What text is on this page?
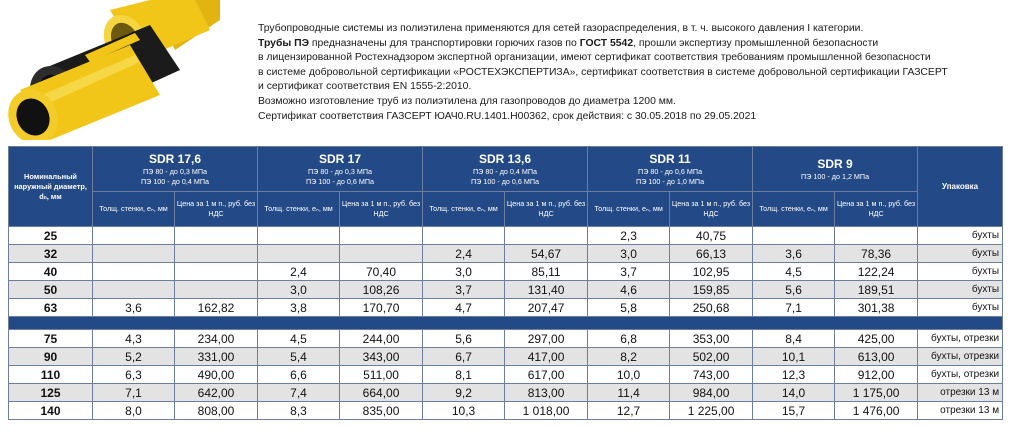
Трубопроводные системы из полиэтилена применяются для сетей газораспределения, в т. ч. высокого давления I категории.

Трубы ПЭ предназначены для транспортировки горючих газов по ГОСТ 5542, прошли экспертизу промышленной безопасности

в лицензированной Ростехнадзором экспертной организации, имеют сертификат соответствия требованиям промышленной безопасности

в системе добровольной сертификации «РОСТЕХЭКСПЕРТИЗА», сертификат соответствия в системе добровольной сертификации ГАЗСЕРТ

и сертификат соответствия EN 1555-2:2010.

Возможно изготовление труб из полиэтилена для газопроводов до диаметра 1200 мм.

Сертификат соответствия ГАЗСЕРТ ЮАЧ0.RU.1401.H00362, срок действия: с 30.05.2018 по 29.05.2021

Номинальный наружный диаметр, dₙ, мм	SDR 17,6
ПЭ 80 - до 0,3 МПа
ПЭ 100 - до 0,4 МПа		SDR 17
ПЭ 80 - до 0,3 МПа
ПЭ 100 - до 0,6 МПа		SDR 13,6
ПЭ 80 - до 0,4 МПа
ПЭ 100 - до 0,6 МПа		SDR 11
ПЭ 80 - до 0,6 МПа
ПЭ 100 - до 1,0 МПа		SDR 9
ПЭ 100 - до 1,2 МПа		Упаковка
	Толщ. стенки, eₙ, мм	Цена за 1 м п., руб. без НДС	Толщ. стенки, eₙ, мм	Цена за 1 м п., руб. без НДС	Толщ. стенки, eₙ, мм	Цена за 1 м п., руб. без НДС	Толщ. стенки, eₙ, мм	Цена за 1 м п., руб. без НДС	Толщ. стенки, eₙ, мм	Цена за 1 м п., руб. без НДС	
25							2,3	40,75			бухты
32					2,4	54,67	3,0	66,13	3,6	78,36	бухты
40			2,4	70,40	3,0	85,11	3,7	102,95	4,5	122,24	бухты
50			3,0	108,26	3,7	131,40	4,6	159,85	5,6	189,51	бухты
63	3,6	162,82	3,8	170,70	4,7	207,47	5,8	250,68	7,1	301,38	бухты

75	4,3	234,00	4,5	244,00	5,6	297,00	6,8	353,00	8,4	425,00	бухты, отрезки
90	5,2	331,00	5,4	343,00	6,7	417,00	8,2	502,00	10,1	613,00	бухты, отрезки
110	6,3	490,00	6,6	511,00	8,1	617,00	10,0	743,00	12,3	912,00	бухты, отрезки
125	7,1	642,00	7,4	664,00	9,2	813,00	11,4	984,00	14,0	1 175,00	отрезки 13 м
140	8,0	808,00	8,3	835,00	10,3	1 018,00	12,7	1 225,00	15,7	1 476,00	отрезки 13 м
